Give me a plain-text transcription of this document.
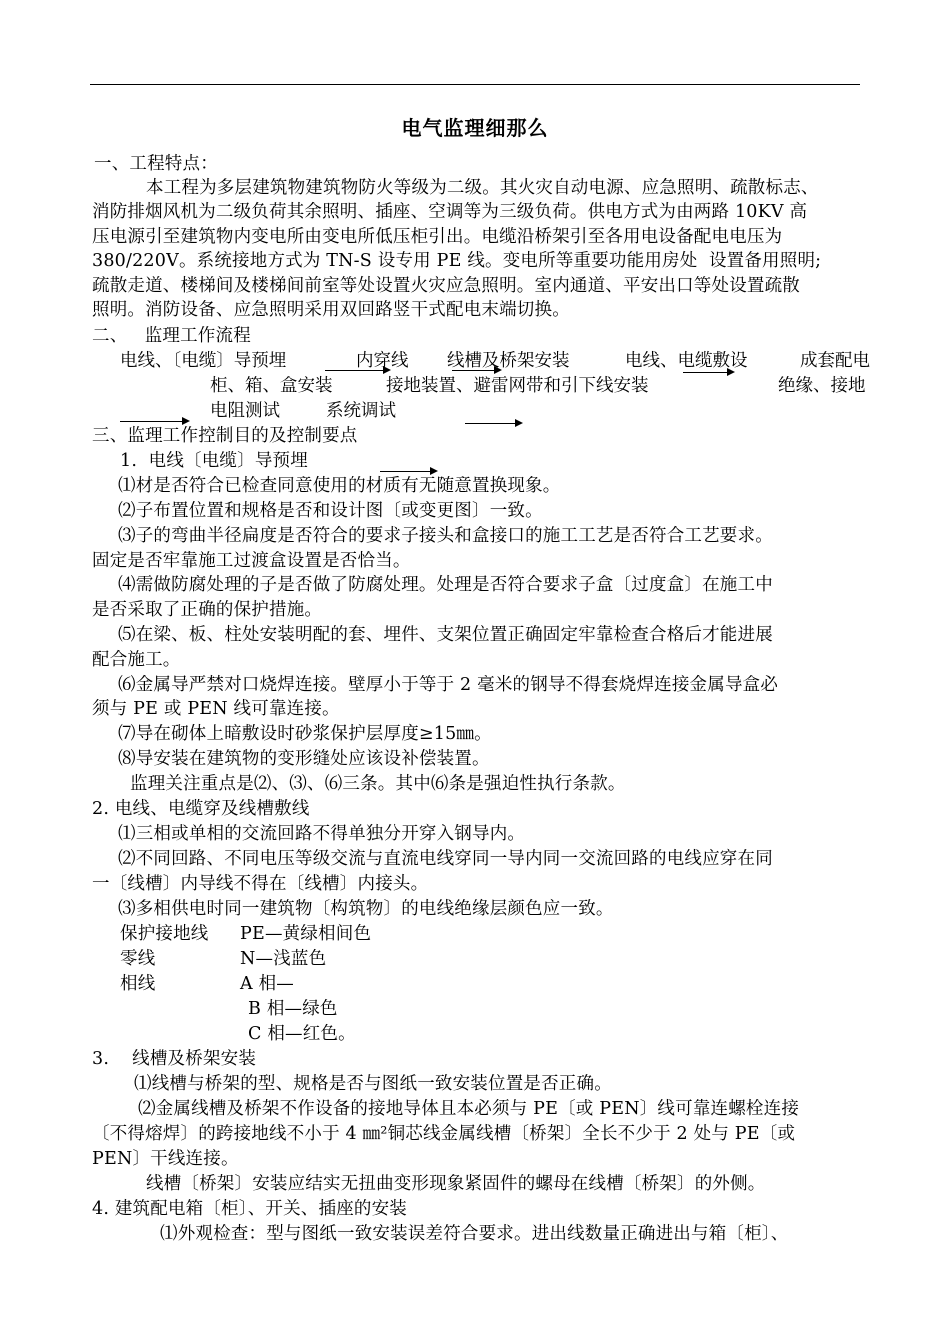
电气监理细那么
一、工程特点：
本工程为多层建筑物建筑物防火等级为二级。其火灾自动电源、应急照明、疏散标志、
消防排烟风机为二级负荷其余照明、插座、空调等为三级负荷。供电方式为由两路 10KV 高
压电源引至建筑物内变电所由变电所低压柜引出。电缆沿桥架引至各用电设备配电电压为
380/220V。系统接地方式为 TN-S 设专用 PE 线。变电所等重要功能用房处  设置备用照明;
疏散走道、楼梯间及楼梯间前室等处设置火灾应急照明。室内通道、平安出口等处设置疏散
照明。消防设备、应急照明采用双回路竖干式配电末端切换。
二、   监理工作流程
电线、〔电缆〕导预埋	内穿线 线槽及桥架安装	电线、电缆敷设	成套配电
柜、箱、盒安装	接地装置、避雷网带和引下线安装	绝缘、接地
电阻测试	系统调试
三、监理工作控制目的及控制要点
1.  电线〔电缆〕导预埋
⑴材是否符合已检查同意使用的材质有无随意置换现象。
⑵子布置位置和规格是否和设计图〔或变更图〕一致。
⑶子的弯曲半径扁度是否符合的要求子接头和盒接口的施工工艺是否符合工艺要求。
固定是否牢靠施工过渡盒设置是否恰当。
⑷需做防腐处理的子是否做了防腐处理。处理是否符合要求子盒〔过度盒〕在施工中
是否采取了正确的保护措施。
⑸在梁、板、柱处安装明配的套、埋件、支架位置正确固定牢靠检查合格后才能进展
配合施工。
⑹金属导严禁对口烧焊连接。壁厚小于等于 2 毫米的钢导不得套烧焊连接金属导盒必
须与 PE 或 PEN 线可靠连接。
⑺导在砌体上暗敷设时砂浆保护层厚度≥15㎜。
⑻导安装在建筑物的变形缝处应该设补偿装置。
监理关注重点是⑵、⑶、⑹三条。其中⑹条是强迫性执行条款。
2. 电线、电缆穿及线槽敷线
⑴三相或单相的交流回路不得单独分开穿入钢导内。
⑵不同回路、不同电压等级交流与直流电线穿同一导内同一交流回路的电线应穿在同
一〔线槽〕内导线不得在〔线槽〕内接头。
⑶多相供电时同一建筑物〔构筑物〕的电线绝缘层颜色应一致。
保护接地线 PE—黄绿相间色
零线	N—浅蓝色
相线	A 相—
B 相—绿色
C 相—红色。
3.    线槽及桥架安装
⑴线槽与桥架的型、规格是否与图纸一致安装位置是否正确。
⑵金属线槽及桥架不作设备的接地导体且本必须与 PE〔或 PEN〕线可靠连螺栓连接
〔不得熔焊〕的跨接地线不小于 4 ㎜²铜芯线金属线槽〔桥架〕全长不少于 2 处与 PE〔或
PEN〕干线连接。
线槽〔桥架〕安装应结实无扭曲变形现象紧固件的螺母在线槽〔桥架〕的外侧。
4. 建筑配电箱〔柜〕、开关、插座的安装
⑴外观检查：型与图纸一致安装误差符合要求。进出线数量正确进出与箱〔柜〕、
